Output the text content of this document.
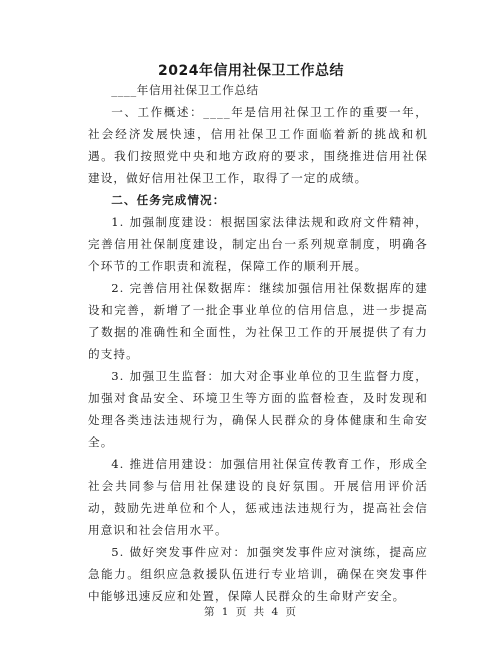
2024年信用社保卫工作总结

____年信用社保卫工作总结

一、工作概述：____年是信用社保卫工作的重要一年，社会经济发展快速，信用社保卫工作面临着新的挑战和机遇。我们按照党中央和地方政府的要求，围绕推进信用社保建设，做好信用社保卫工作，取得了一定的成绩。

二、任务完成情况：

1. 加强制度建设：根据国家法律法规和政府文件精神，完善信用社保制度建设，制定出台一系列规章制度，明确各个环节的工作职责和流程，保障工作的顺利开展。

2. 完善信用社保数据库：继续加强信用社保数据库的建设和完善，新增了一批企事业单位的信用信息，进一步提高了数据的准确性和全面性，为社保卫工作的开展提供了有力的支持。

3. 加强卫生监督：加大对企事业单位的卫生监督力度，加强对食品安全、环境卫生等方面的监督检查，及时发现和处理各类违法违规行为，确保人民群众的身体健康和生命安全。

4. 推进信用建设：加强信用社保宣传教育工作，形成全社会共同参与信用社保建设的良好氛围。开展信用评价活动，鼓励先进单位和个人，惩戒违法违规行为，提高社会信用意识和社会信用水平。

5. 做好突发事件应对：加强突发事件应对演练，提高应急能力。组织应急救援队伍进行专业培训，确保在突发事件中能够迅速反应和处置，保障人民群众的生命财产安全。

第 1 页 共 4 页
